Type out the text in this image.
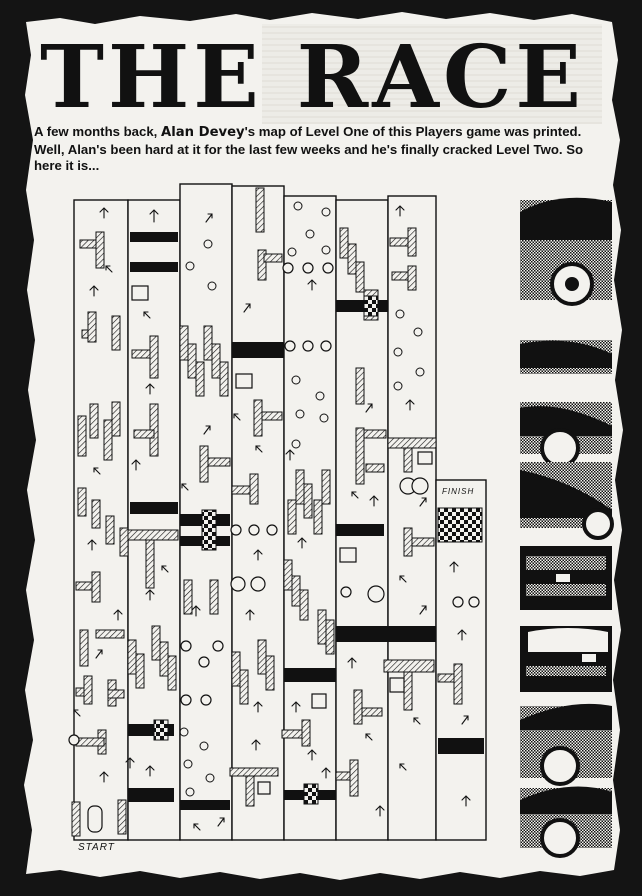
THE RACE
A few months back, Alan Devey's map of Level One of this Players game was printed. Well, Alan's been hard at it for the last few weeks and he's finally cracked Level Two. So here it is...
START
FINISH
